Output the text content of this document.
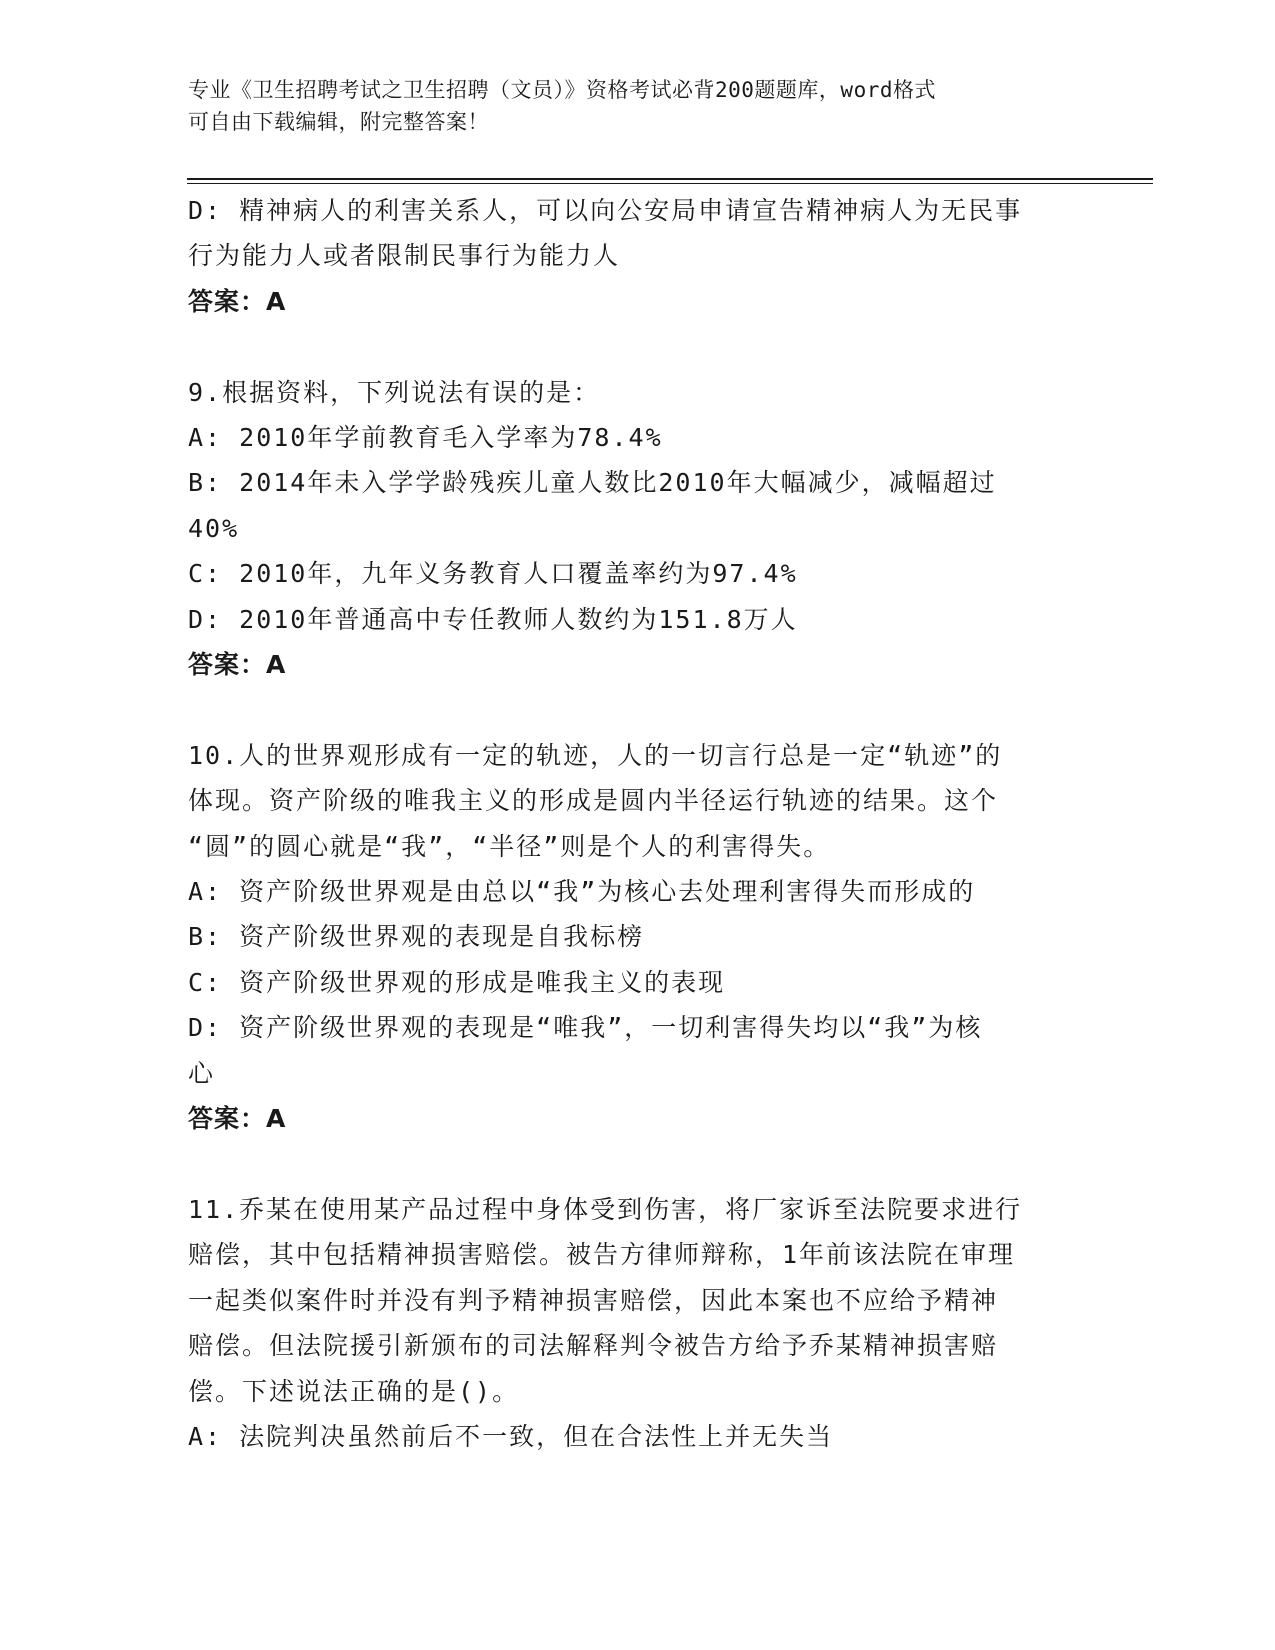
专业《卫生招聘考试之卫生招聘（文员）》资格考试必背200题题库，word格式
可自由下载编辑，附完整答案！
D: 精神病人的利害关系人，可以向公安局申请宣告精神病人为无民事
行为能力人或者限制民事行为能力人
答案：A
9.根据资料，下列说法有误的是：
A: 2010年学前教育毛入学率为78.4%
B: 2014年未入学学龄残疾儿童人数比2010年大幅减少，减幅超过
40%
C: 2010年，九年义务教育人口覆盖率约为97.4%
D: 2010年普通高中专任教师人数约为151.8万人
答案：A
10.人的世界观形成有一定的轨迹，人的一切言行总是一定“轨迹”的
体现。资产阶级的唯我主义的形成是圆内半径运行轨迹的结果。这个
“圆”的圆心就是“我”，“半径”则是个人的利害得失。
A: 资产阶级世界观是由总以“我”为核心去处理利害得失而形成的
B: 资产阶级世界观的表现是自我标榜
C: 资产阶级世界观的形成是唯我主义的表现
D: 资产阶级世界观的表现是“唯我”，一切利害得失均以“我”为核
心
答案：A
11.乔某在使用某产品过程中身体受到伤害，将厂家诉至法院要求进行
赔偿，其中包括精神损害赔偿。被告方律师辩称，1年前该法院在审理
一起类似案件时并没有判予精神损害赔偿，因此本案也不应给予精神
赔偿。但法院援引新颁布的司法解释判令被告方给予乔某精神损害赔
偿。下述说法正确的是()。
A: 法院判决虽然前后不一致，但在合法性上并无失当
